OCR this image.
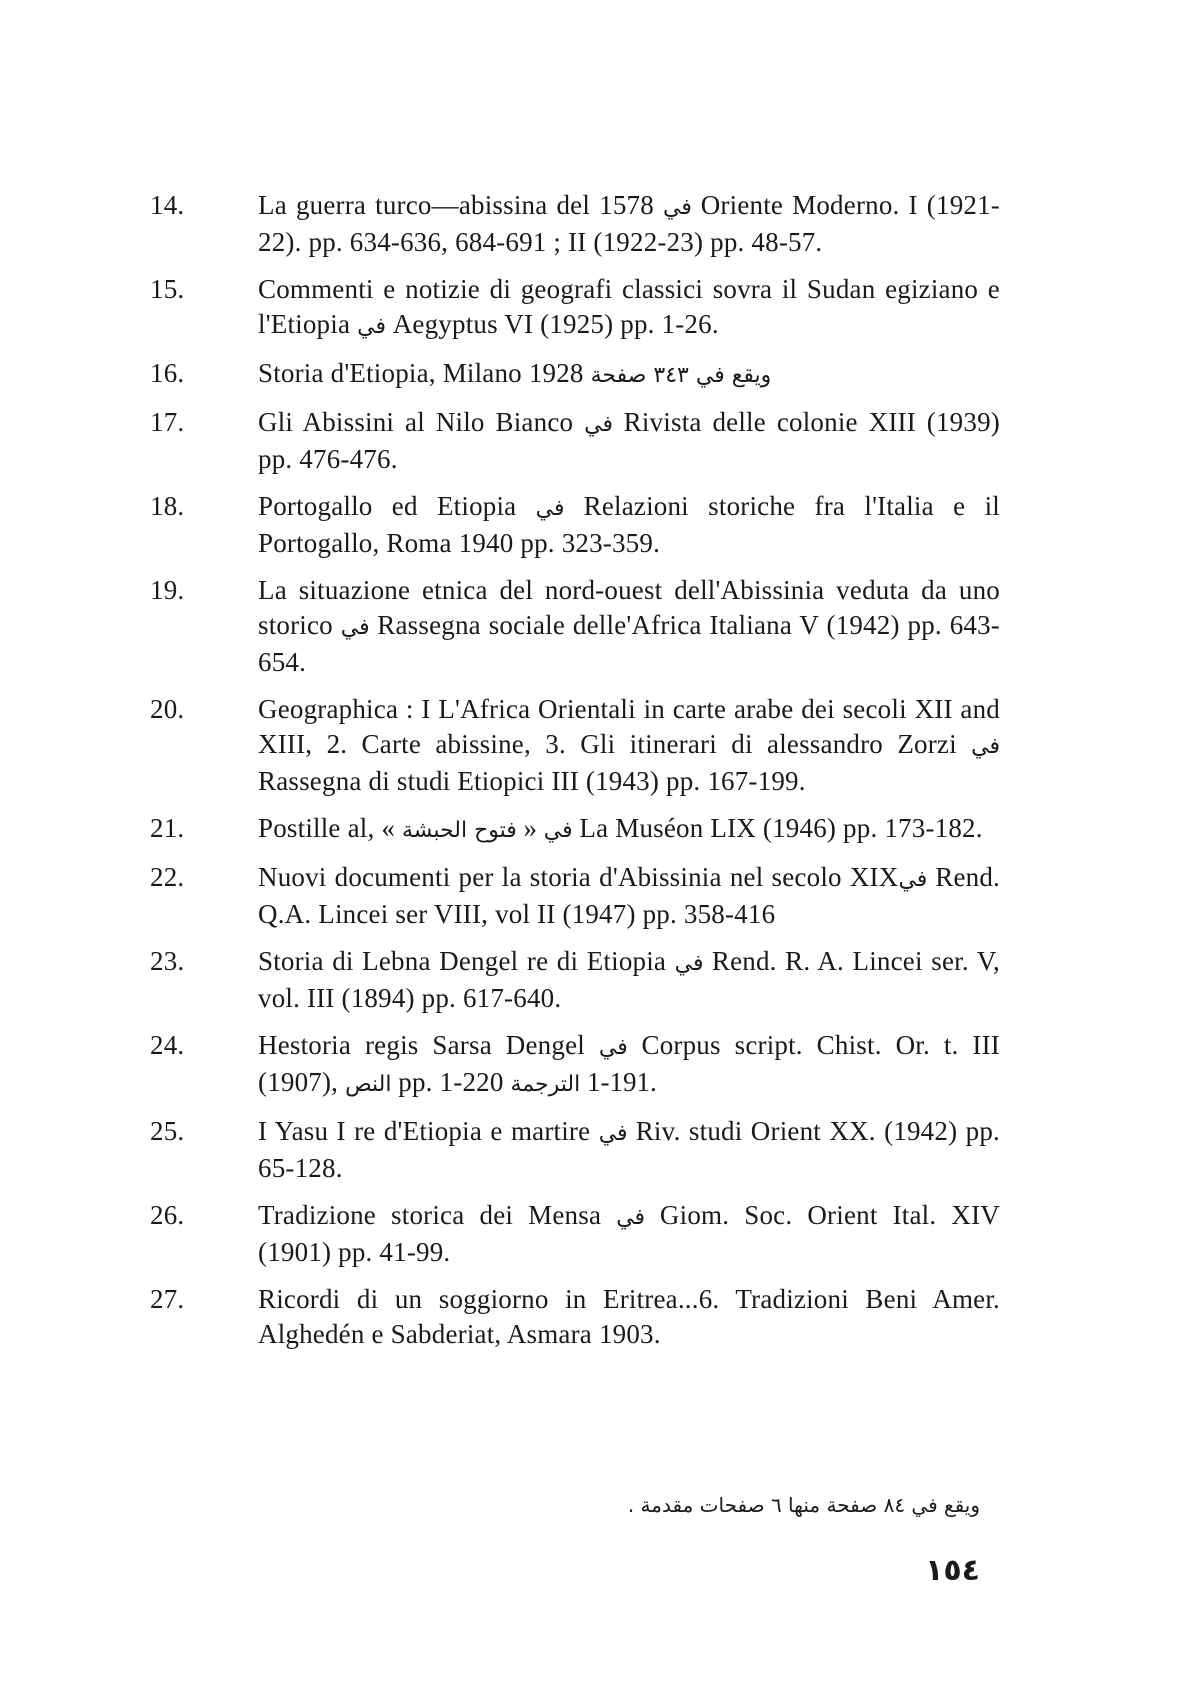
14.	La guerra turco—abissina del 1578 في Oriente Moderno. I (1921-22). pp. 634-636, 684-691 ; II (1922-23) pp. 48-57.
15.	Commenti e notizie di geografi classici sovra il Sudan egiziano e l'Etiopia في Aegyptus VI (1925) pp. 1-26.
16.	Storia d'Etiopia, Milano 1928 ويقع في ٣٤٣ صفحة
17.	Gli Abissini al Nilo Bianco في Rivista delle colonie XIII (1939) pp. 476-476.
18.	Portogallo ed Etiopia في Relazioni storiche fra l'Italia e il Portogallo, Roma 1940 pp. 323-359.
19.	La situazione etnica del nord-ouest dell'Abissinia veduta da uno storico في Rassegna sociale delle'Africa Italiana V (1942) pp. 643-654.
20.	Geographica : I L'Africa Orientali in carte arabe dei secoli XII and XIII, 2. Carte abissine, 3. Gli itinerari di alessandro Zorzi في Rassegna di studi Etiopici III (1943) pp. 167-199.
21.	Postille al, « فتوح الحبشة » في La Muséon LIX (1946) pp. 173-182.
22.	Nuovi documenti per la storia d'Abissinia nel secolo XIXفي Rend. Q.A. Lincei ser VIII, vol II (1947) pp. 358-416
23.	Storia di Lebna Dengel re di Etiopia في Rend. R. A. Lincei ser. V, vol. III (1894) pp. 617-640.
24.	Hestoria regis Sarsa Dengel في Corpus script. Chist. Or. t. III (1907), النص pp. 1-220 الترجمة 1-191.
25.	I Yasu I re d'Etiopia e martire في Riv. studi Orient XX. (1942) pp. 65-128.
26.	Tradizione storica dei Mensa في Giom. Soc. Orient Ital. XIV (1901) pp. 41-99.
27.	Ricordi di un soggiorno in Eritrea...6. Tradizioni Beni Amer. Alghedén e Sabderiat, Asmara 1903.
ويقع في ٨٤ صفحة منها ٦ صفحات مقدمة .
١٥٤
